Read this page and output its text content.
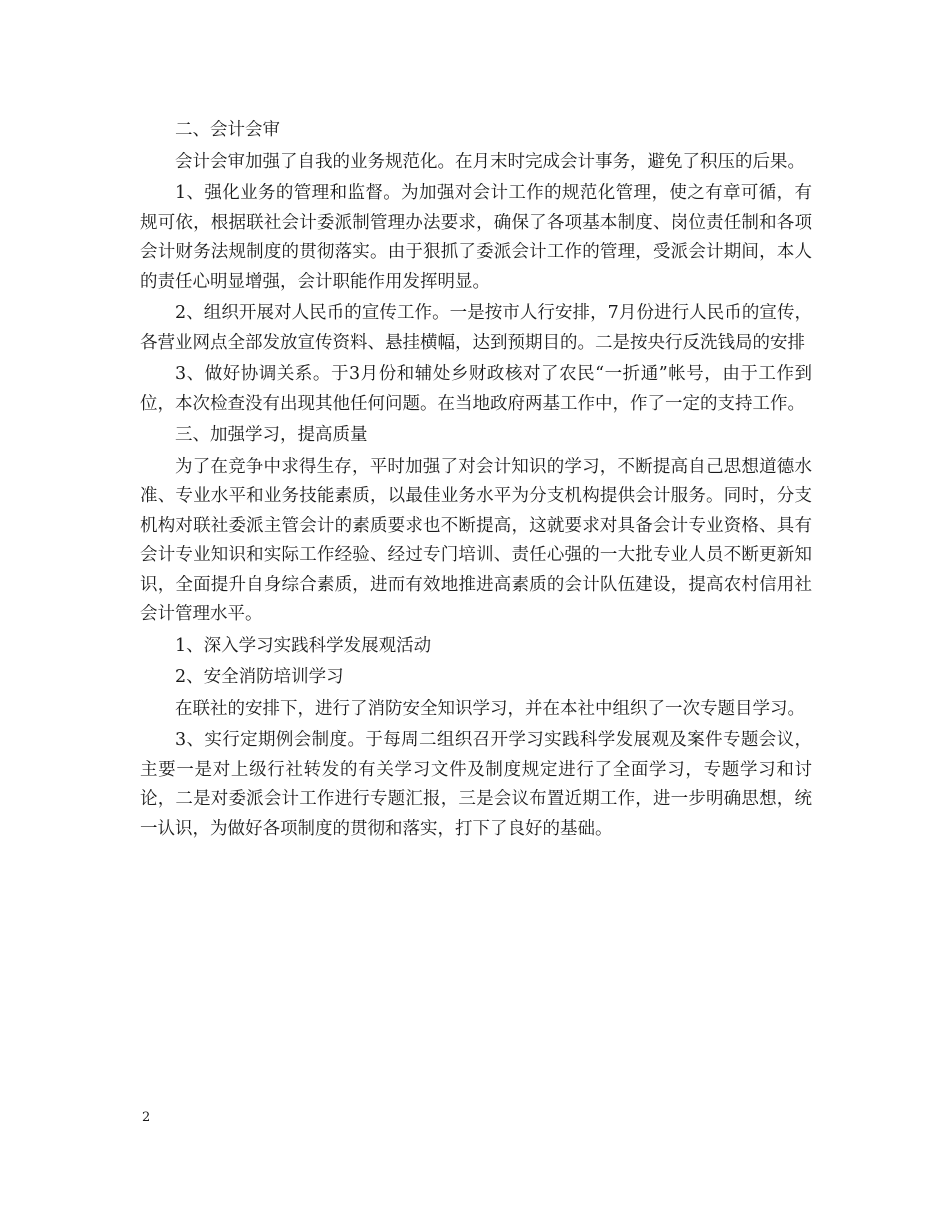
二、会计会审

会计会审加强了自我的业务规范化。在月末时完成会计事务，避免了积压的后果。

1、强化业务的管理和监督。为加强对会计工作的规范化管理，使之有章可循，有规可依，根据联社会计委派制管理办法要求，确保了各项基本制度、岗位责任制和各项会计财务法规制度的贯彻落实。由于狠抓了委派会计工作的管理，受派会计期间，本人的责任心明显增强，会计职能作用发挥明显。

2、组织开展对人民币的宣传工作。一是按市人行安排，7月份进行人民币的宣传，各营业网点全部发放宣传资料、悬挂横幅，达到预期目的。二是按央行反洗钱局的安排

3、做好协调关系。于3月份和辅处乡财政核对了农民“一折通”帐号，由于工作到位，本次检查没有出现其他任何问题。在当地政府两基工作中，作了一定的支持工作。

三、加强学习，提高质量

为了在竞争中求得生存，平时加强了对会计知识的学习，不断提高自己思想道德水准、专业水平和业务技能素质，以最佳业务水平为分支机构提供会计服务。同时，分支机构对联社委派主管会计的素质要求也不断提高，这就要求对具备会计专业资格、具有会计专业知识和实际工作经验、经过专门培训、责任心强的一大批专业人员不断更新知识，全面提升自身综合素质，进而有效地推进高素质的会计队伍建设，提高农村信用社会计管理水平。

1、深入学习实践科学发展观活动

2、安全消防培训学习

在联社的安排下，进行了消防安全知识学习，并在本社中组织了一次专题目学习。

3、实行定期例会制度。于每周二组织召开学习实践科学发展观及案件专题会议，主要一是对上级行社转发的有关学习文件及制度规定进行了全面学习，专题学习和讨论，二是对委派会计工作进行专题汇报，三是会议布置近期工作，进一步明确思想，统一认识，为做好各项制度的贯彻和落实，打下了良好的基础。

2
